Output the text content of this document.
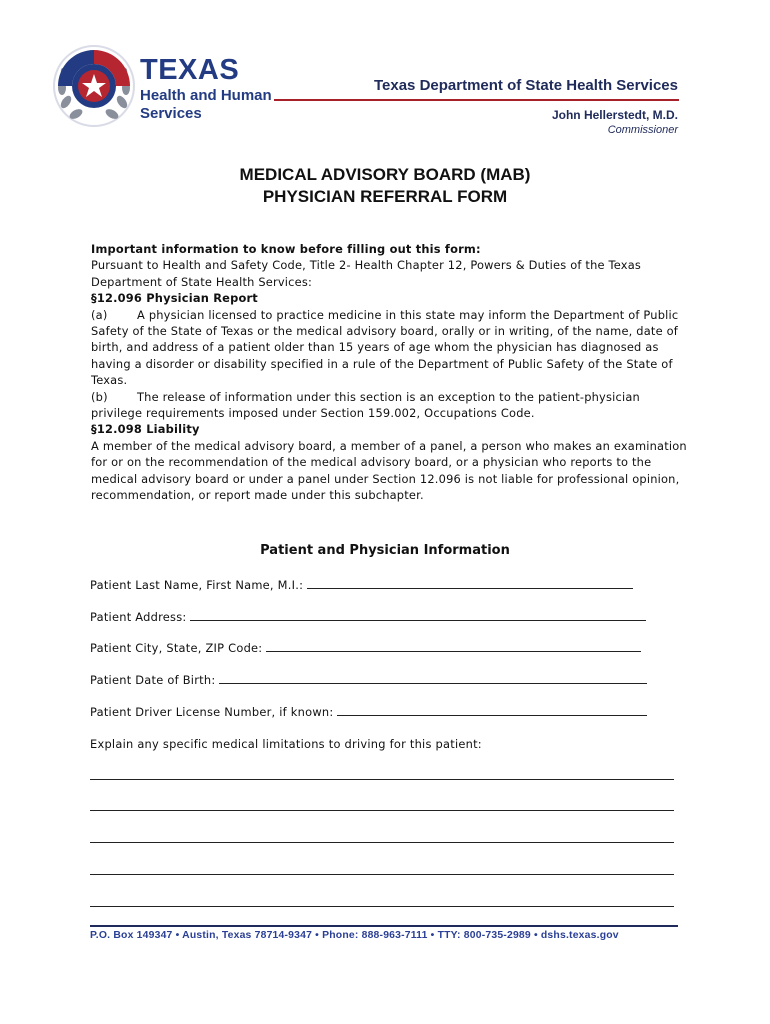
TEXAS
Health and Human
Services
Texas Department of State Health Services
John Hellerstedt, M.D.
Commissioner
MEDICAL ADVISORY BOARD (MAB)
PHYSICIAN REFERRAL FORM

Important information to know before filling out this form:

Pursuant to Health and Safety Code, Title 2- Health Chapter 12, Powers & Duties of the Texas Department of State Health Services:

§12.096 Physician Report

(a)	A physician licensed to practice medicine in this state may inform the Department of Public Safety of the State of Texas or the medical advisory board, orally or in writing, of the name, date of birth, and address of a patient older than 15 years of age whom the physician has diagnosed as having a disorder or disability specified in a rule of the Department of Public Safety of the State of Texas.

(b)	The release of information under this section is an exception to the patient-physician privilege requirements imposed under Section 159.002, Occupations Code.

§12.098 Liability

A member of the medical advisory board, a member of a panel, a person who makes an examination for or on the recommendation of the medical advisory board, or a physician who reports to the medical advisory board or under a panel under Section 12.096 is not liable for professional opinion, recommendation, or report made under this subchapter.

Patient and Physician Information
Patient Last Name, First Name, M.I.:
Patient Address:
Patient City, State, ZIP Code:
Patient Date of Birth:
Patient Driver License Number, if known:
Explain any specific medical limitations to driving for this patient:
P.O. Box 149347 • Austin, Texas 78714-9347 • Phone: 888-963-7111 • TTY: 800-735-2989 • dshs.texas.gov
